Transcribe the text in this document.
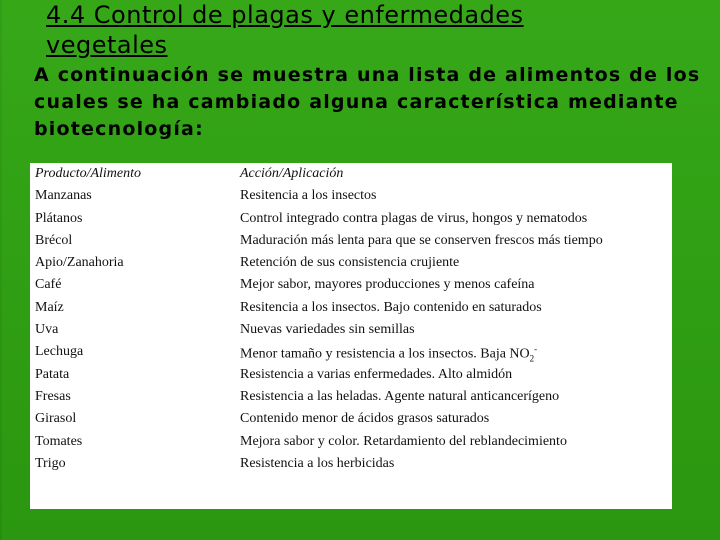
4.4 Control de plagas y enfermedades vegetales

A continuación se muestra una lista de alimentos de los cuales se ha cambiado alguna característica mediante biotecnología:

Producto/Alimento	Acción/Aplicación
Manzanas	Resitencia a los insectos
Plátanos	Control integrado contra plagas de virus, hongos y nematodos
Brécol		Maduración más lenta para que se conserven frescos más tiempo

Apio/Zanahoria	Retención de sus consistencia crujiente
Café	Mejor sabor, mayores producciones y menos cafeína
Maíz	Resitencia a los insectos. Bajo contenido en saturados
Uva	Nuevas variedades sin semillas
Lechuga	Menor tamaño y resistencia a los insectos. Baja $NO_2^-$
Patata	Resistencia a varias enfermedades. Alto almidón
Fresas	Resistencia a las heladas. Agente natural anticancerígeno
Girasol	Contenido menor de ácidos grasos saturados
Tomates	Mejora sabor y color. Retardamiento del reblandecimiento
Trigo	Resistencia a los herbicidas
